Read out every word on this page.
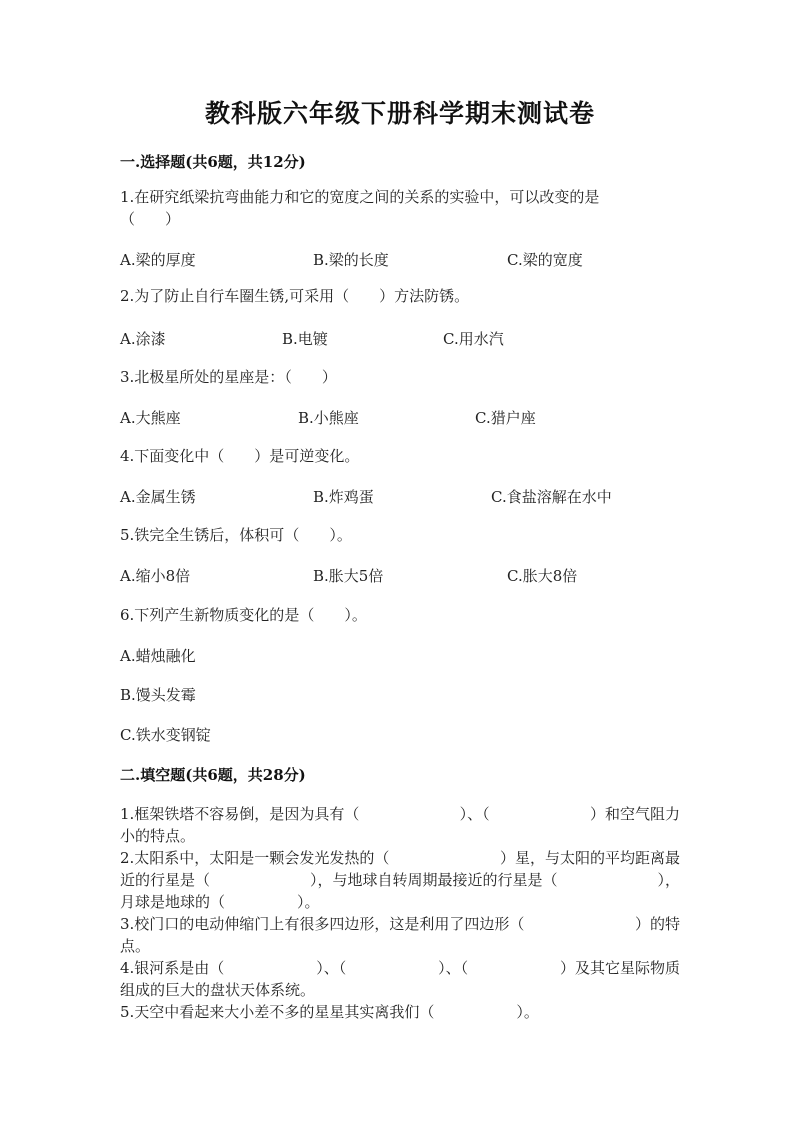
教科版六年级下册科学期末测试卷
一.选择题(共6题，共12分)
1.在研究纸梁抗弯曲能力和它的宽度之间的关系的实验中，可以改变的是
（　　）
A.梁的厚度	B.梁的长度	C.梁的宽度
2.为了防止自行车圈生锈,可采用（　　）方法防锈。
A.涂漆	B.电镀	C.用水汽
3.北极星所处的星座是：（　　）
A.大熊座	B.小熊座	C.猎户座
4.下面变化中（　　）是可逆变化。
A.金属生锈	B.炸鸡蛋	C.食盐溶解在水中
5.铁完全生锈后，体积可（　　）。
A.缩小8倍	B.胀大5倍	C.胀大8倍
6.下列产生新物质变化的是（　　）。
A.蜡烛融化
B.馒头发霉
C.铁水变钢锭
二.填空题(共6题，共28分)
1.框架铁塔不容易倒，是因为具有（	）、（	）和空气阻力
小的特点。
2.太阳系中，太阳是一颗会发光发热的（	）星，与太阳的平均距离最
近的行星是（	），与地球自转周期最接近的行星是（	），
月球是地球的（	）。
3.校门口的电动伸缩门上有很多四边形，这是利用了四边形（	）的特
点。
4.银河系是由（	）、（	）、（	）及其它星际物质
组成的巨大的盘状天体系统。
5.天空中看起来大小差不多的星星其实离我们（	）。
